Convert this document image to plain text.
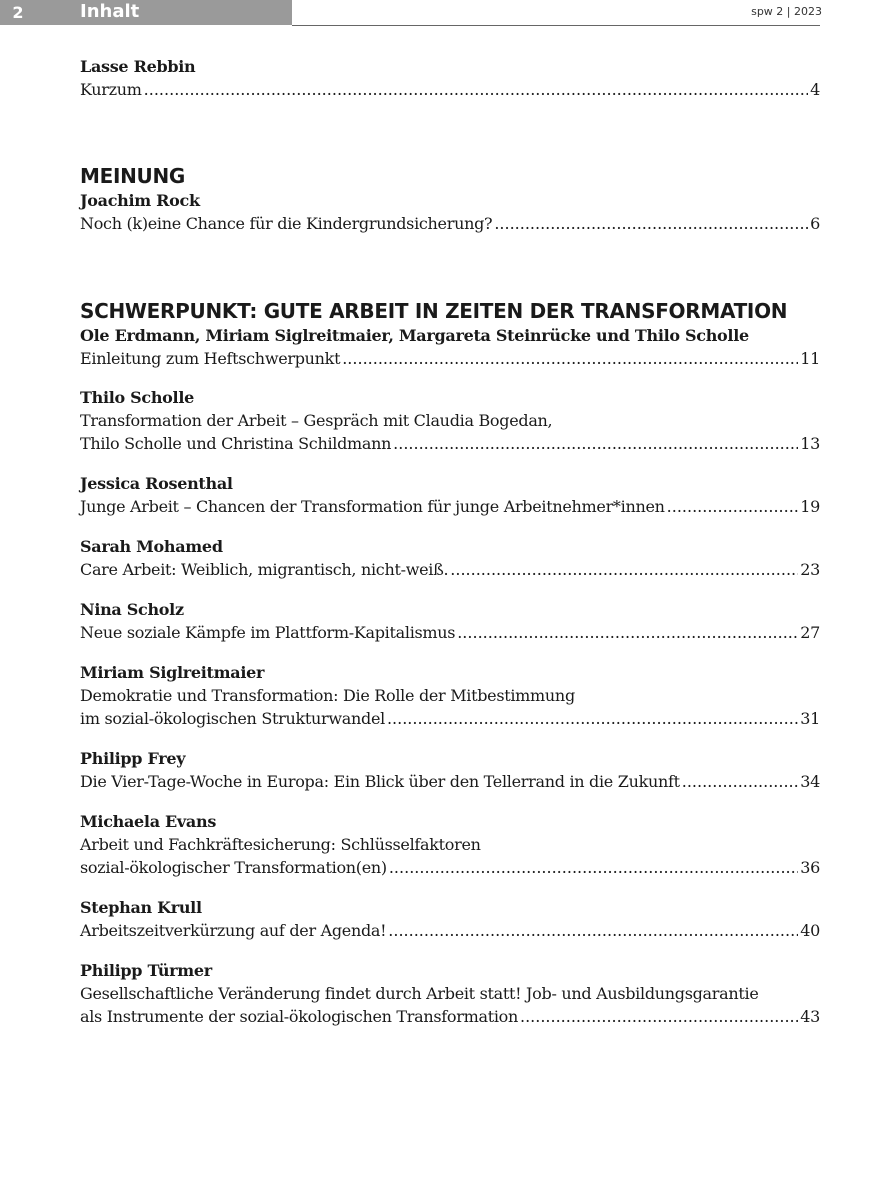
2	Inhalt	spw 2 | 2023
Lasse Rebbin
Kurzum .....	4
MEINUNG
Joachim Rock
Noch (k)eine Chance für die Kindergrundsicherung? .....	6
SCHWERPUNKT: GUTE ARBEIT IN ZEITEN DER TRANSFORMATION
Ole Erdmann, Miriam Siglreitmaier, Margareta Steinrücke und Thilo Scholle
Einleitung zum Heftschwerpunkt .....	11
Thilo Scholle
Transformation der Arbeit – Gespräch mit Claudia Bogedan,
Thilo Scholle und Christina Schildmann .....	13
Jessica Rosenthal
Junge Arbeit – Chancen der Transformation für junge Arbeitnehmer*innen .....	19
Sarah Mohamed
Care Arbeit: Weiblich, migrantisch, nicht-weiß. .....	23
Nina Scholz
Neue soziale Kämpfe im Plattform-Kapitalismus .....	27
Miriam Siglreitmaier
Demokratie und Transformation: Die Rolle der Mitbestimmung
im sozial-ökologischen Strukturwandel .....	31
Philipp Frey
Die Vier-Tage-Woche in Europa: Ein Blick über den Tellerrand in die Zukunft .....	34
Michaela Evans
Arbeit und Fachkräftesicherung: Schlüsselfaktoren
sozial-ökologischer Transformation(en) .....	36
Stephan Krull
Arbeitszeitverkürzung auf der Agenda! .....	40
Philipp Türmer
Gesellschaftliche Veränderung findet durch Arbeit statt! Job- und Ausbildungsgarantie
als Instrumente der sozial-ökologischen Transformation .....	43
